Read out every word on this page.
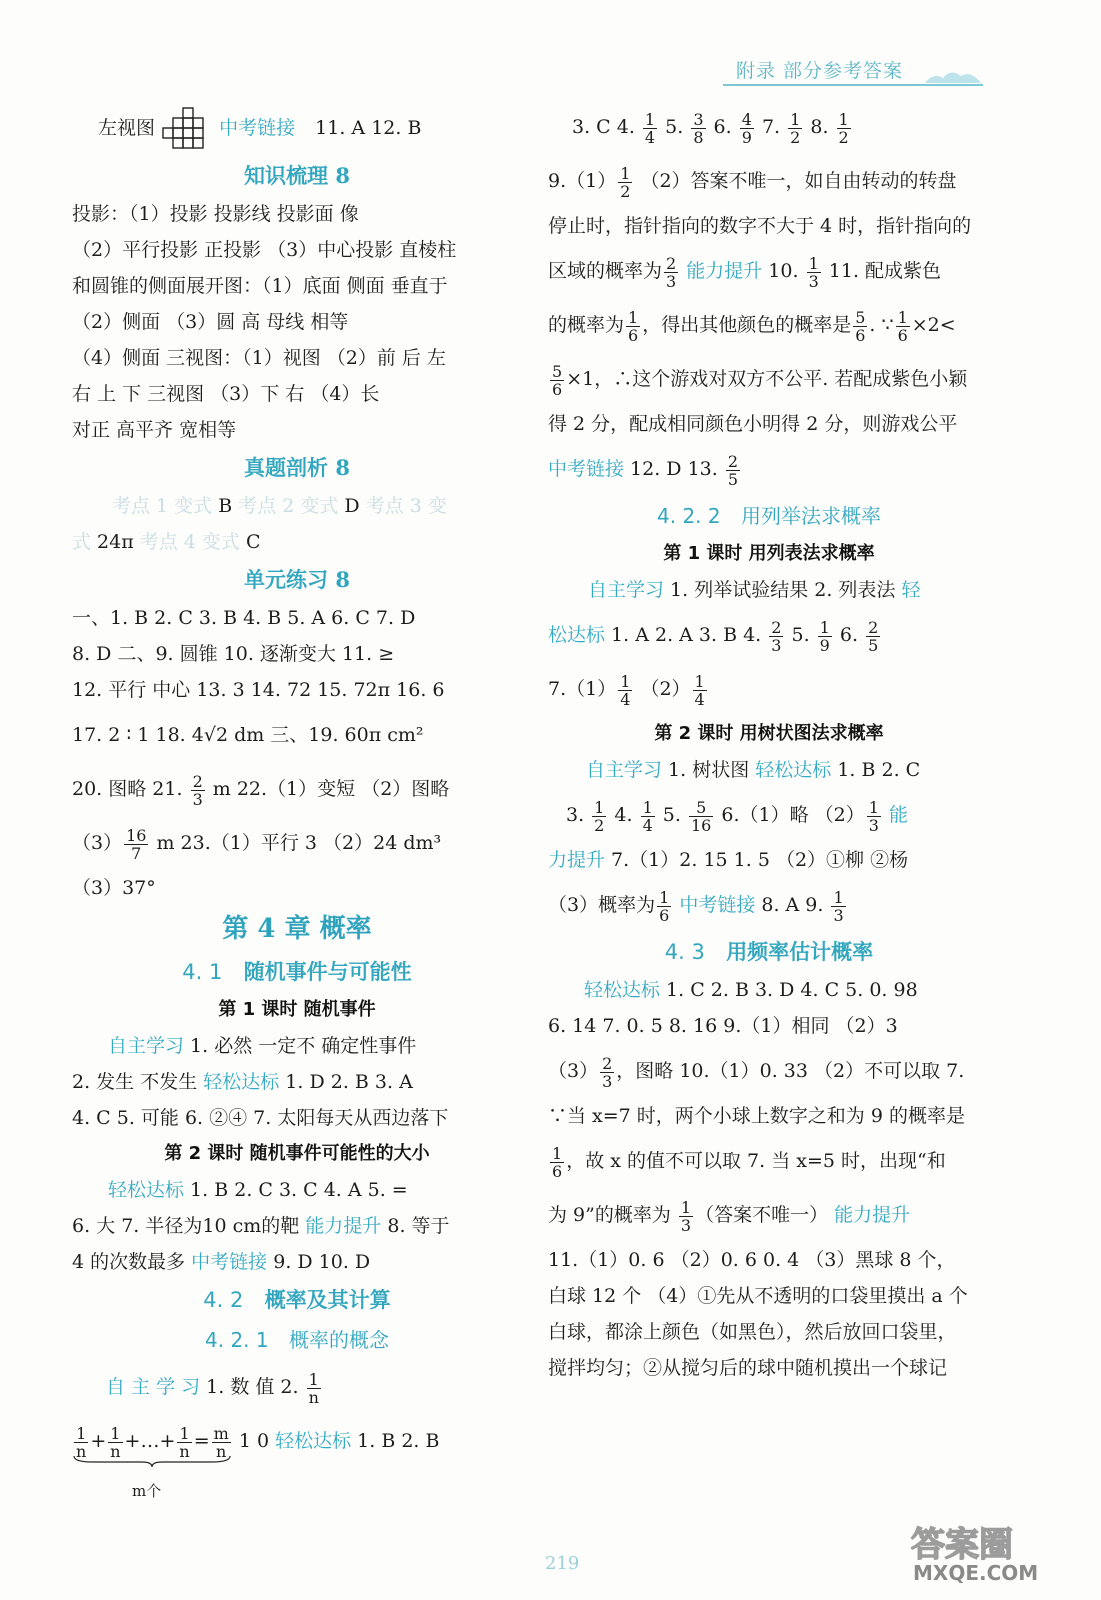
附录 部分参考答案
左视图	中考链接 11. A 12. B
知识梳理 8
投影：（1）投影 投影线 投影面 像
（2）平行投影 正投影 （3）中心投影 直棱柱
和圆锥的侧面展开图：（1）底面 侧面 垂直于
（2）侧面 （3）圆 高 母线 相等
（4）侧面 三视图：（1）视图 （2）前 后 左
右 上 下 三视图 （3）下 右 （4）长
对正 高平齐 宽相等
真题剖析 8
考点 1 变式 B 考点 2 变式 D 考点 3 变
式 24π 考点 4 变式 C
单元练习 8
一、1. B 2. C 3. B 4. B 5. A 6. C 7. D
8. D 二、9. 圆锥 10. 逐渐变大 11. ≥
12. 平行 中心 13. 3 14. 72 15. 72π 16. 6
17. 2 ∶ 1 18. 4√2 dm 三、19. 60π cm²
20. 图略 21. $\frac{2}{3}$ m 22.（1）变短 （2）图略
$(3) \frac{16}{7}$ m 23.（1）平行 3 （2）24 dm³
（3）37°
第 4 章 概率
4. 1 随机事件与可能性
第 1 课时 随机事件
自主学习 1. 必然 一定不 确定性事件
2. 发生 不发生 轻松达标 1. D 2. B 3. A
4. C 5. 可能 6. ②④ 7. 太阳每天从西边落下
第 2 课时 随机事件可能性的大小
轻松达标 1. B 2. C 3. C 4. A 5. =
6. 大 7. 半径为10 cm的靶 能力提升 8. 等于
4 的次数最多 中考链接 9. D 10. D
4. 2 概率及其计算
4. 2. 1 概率的概念
自 主 学 习 1. 数 值 2. $\frac{1}{n}$
$\frac{1}{n} + \frac{1}{n}$ +…+ $\frac{1}{n} = \frac{m}{n} 1$ 0 轻松达标 1. B 2. B
m个
3. C 4. $\frac{1}{4} 5$. $\frac{3}{8} 6$. $\frac{4}{9} 7$. $\frac{1}{2} 8$. $\frac{1}{2}$
$9.(1) \frac{1}{2} (2)$答案不唯一，如自由转动的转盘
停止时，指针指向的数字不大于 4 时，指针指向的
区域的概率为 $\frac{2}{3}$ 能力提升 10. $\frac{1}{3} 11$. 配成紫色
的概率为 $\frac{1}{6}$ ，得出其他颜色的概率是 $\frac{5}{6}$ . ∵ $\frac{1}{6} \times 2<$
$\frac{5}{6} \times 1$，∴这个游戏对双方不公平. 若配成紫色小颖
得 2 分，配成相同颜色小明得 2 分，则游戏公平
中考链接 12. D 13. $\frac{2}{5}$
4. 2. 2 用列举法求概率
第 1 课时 用列表法求概率
自主学习 1. 列举试验结果 2. 列表法 轻
松达标 1. A 2. A 3. B 4. $\frac{2}{3} 5$. $\frac{1}{9} 6$. $\frac{2}{5}$
$7.(1) \frac{1}{4} (2) \frac{1}{4}$
第 2 课时 用树状图法求概率
自主学习 1. 树状图 轻松达标 1. B 2. C
3. $\frac{1}{2} 4$. $\frac{1}{4} 5$. $\frac{5}{16} 6.(1)$略 $(2) \frac{1}{3}$ 能
力提升 7.（1）2. 15 1. 5 （2）①柳 ②杨
（3）概率为 $\frac{1}{6}$ 中考链接 8. A 9. $\frac{1}{3}$
4. 3 用频率估计概率
轻松达标 1. C 2. B 3. D 4. C 5. 0. 98
6. 14 7. 0. 5 8. 16 9.（1）相同 （2）3
$(3) \frac{2}{3}$ ，图略 10.（1）0. 33 （2）不可以取 7.
∵当 x=7 时，两个小球上数字之和为 9 的概率是
$\frac{1}{6}$ ，故 x 的值不可以取 7. 当 x=5 时，出现“和
为 9”的概率为 $\frac{1}{3}$ （答案不唯一） 能力提升
11.（1）0. 6 （2）0. 6 0. 4 （3）黑球 8 个，
白球 12 个 （4）①先从不透明的口袋里摸出 a 个
白球，都涂上颜色（如黑色），然后放回口袋里，
搅拌均匀；②从搅匀后的球中随机摸出一个球记
219	答案圈
MXQE.COM
